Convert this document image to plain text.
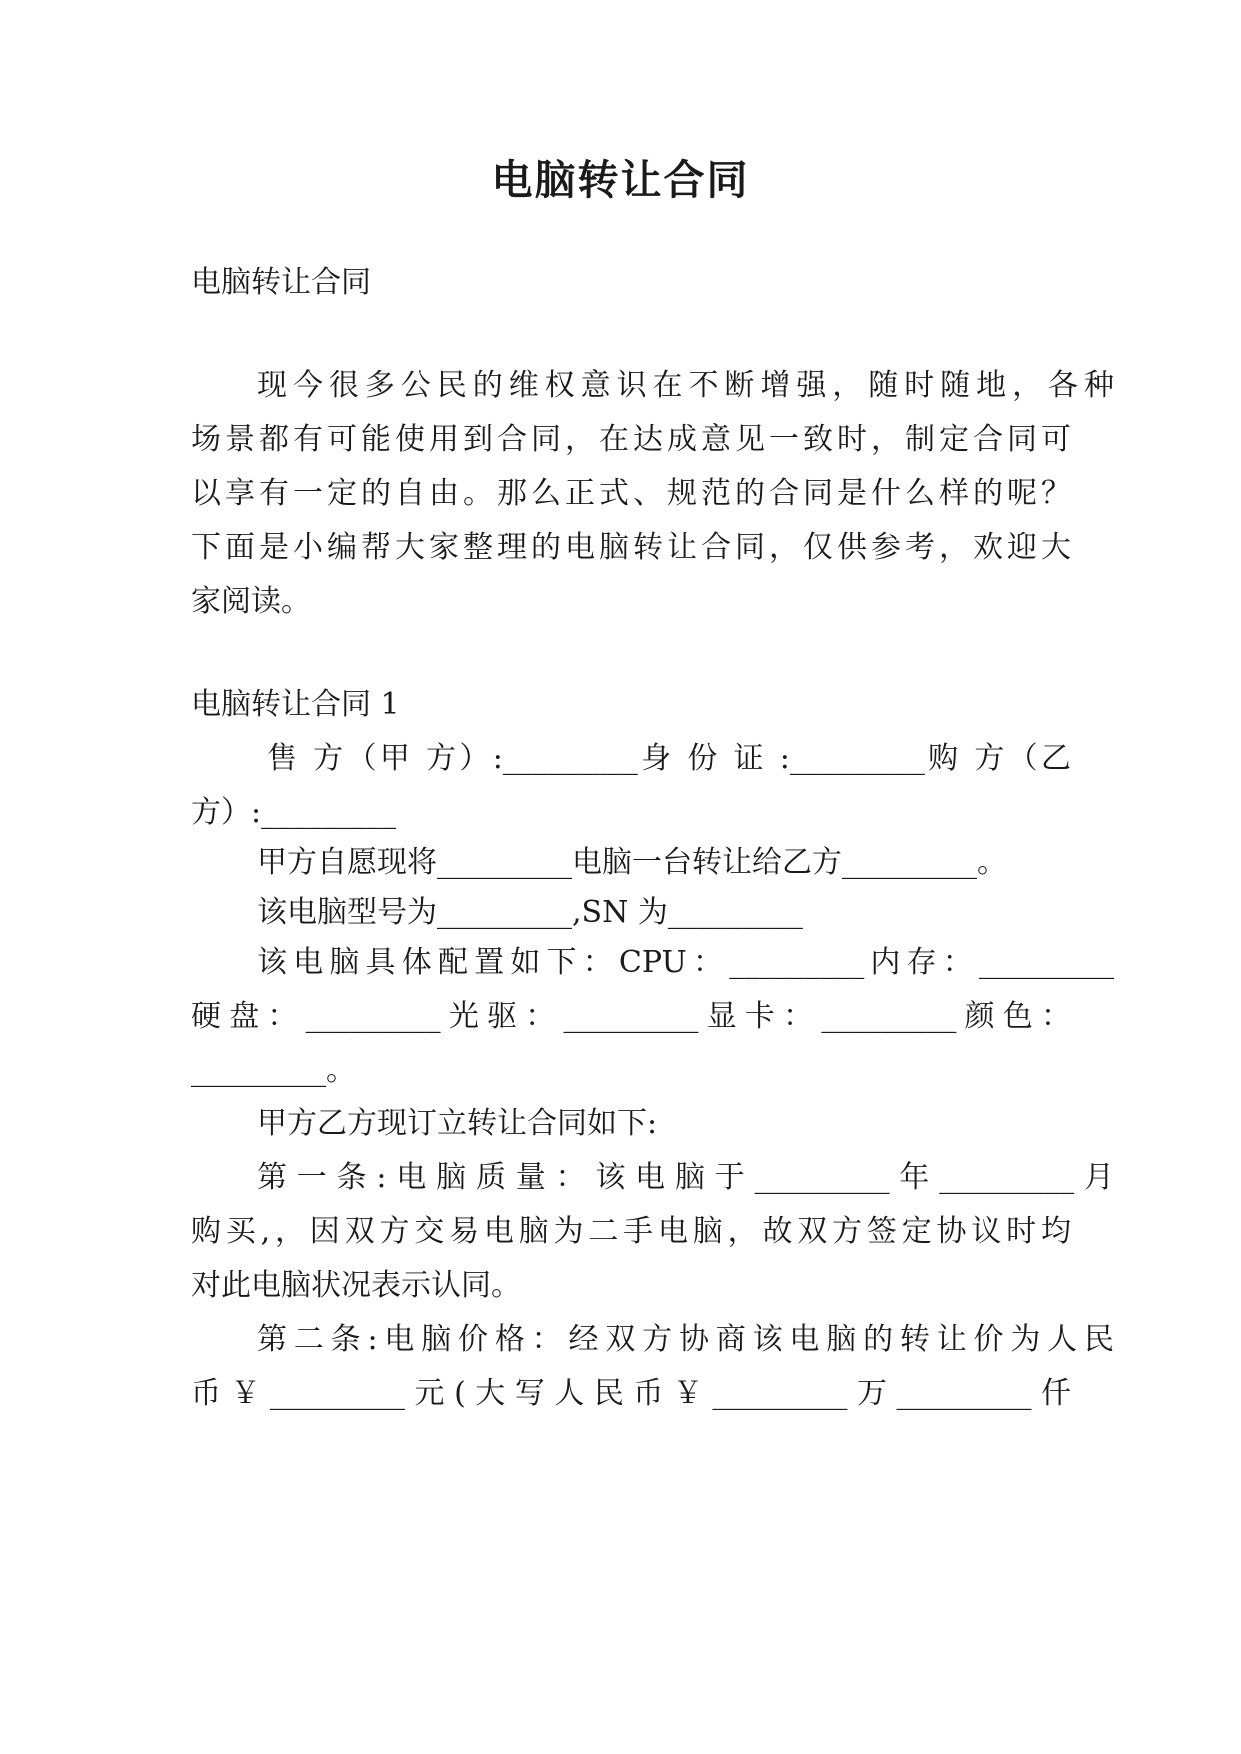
电脑转让合同
电脑转让合同
现今很多公民的维权意识在不断增强，随时随地，各种
场景都有可能使用到合同，在达成意见一致时，制定合同可
以享有一定的自由。那么正式、规范的合同是什么样的呢？
下面是小编帮大家整理的电脑转让合同，仅供参考，欢迎大
家阅读。
电脑转让合同 1
售 方（甲 方）:_________身 份 证 :_________购 方（乙
方）:_________
甲方自愿现将_________电脑一台转让给乙方_________。
该电脑型号为_________,SN 为_________
该电脑具体配置如下：CPU：_________内存：_________
硬盘：_________光驱：_________显卡：_________颜色：
_________。
甲方乙方现订立转让合同如下:
第一条:电脑质量：该电脑于_________年_________月
购买,，因双方交易电脑为二手电脑，故双方签定协议时均
对此电脑状况表示认同。
第二条:电脑价格：经双方协商该电脑的转让价为人民
币￥_________元(大写人民币￥_________万_________仟
